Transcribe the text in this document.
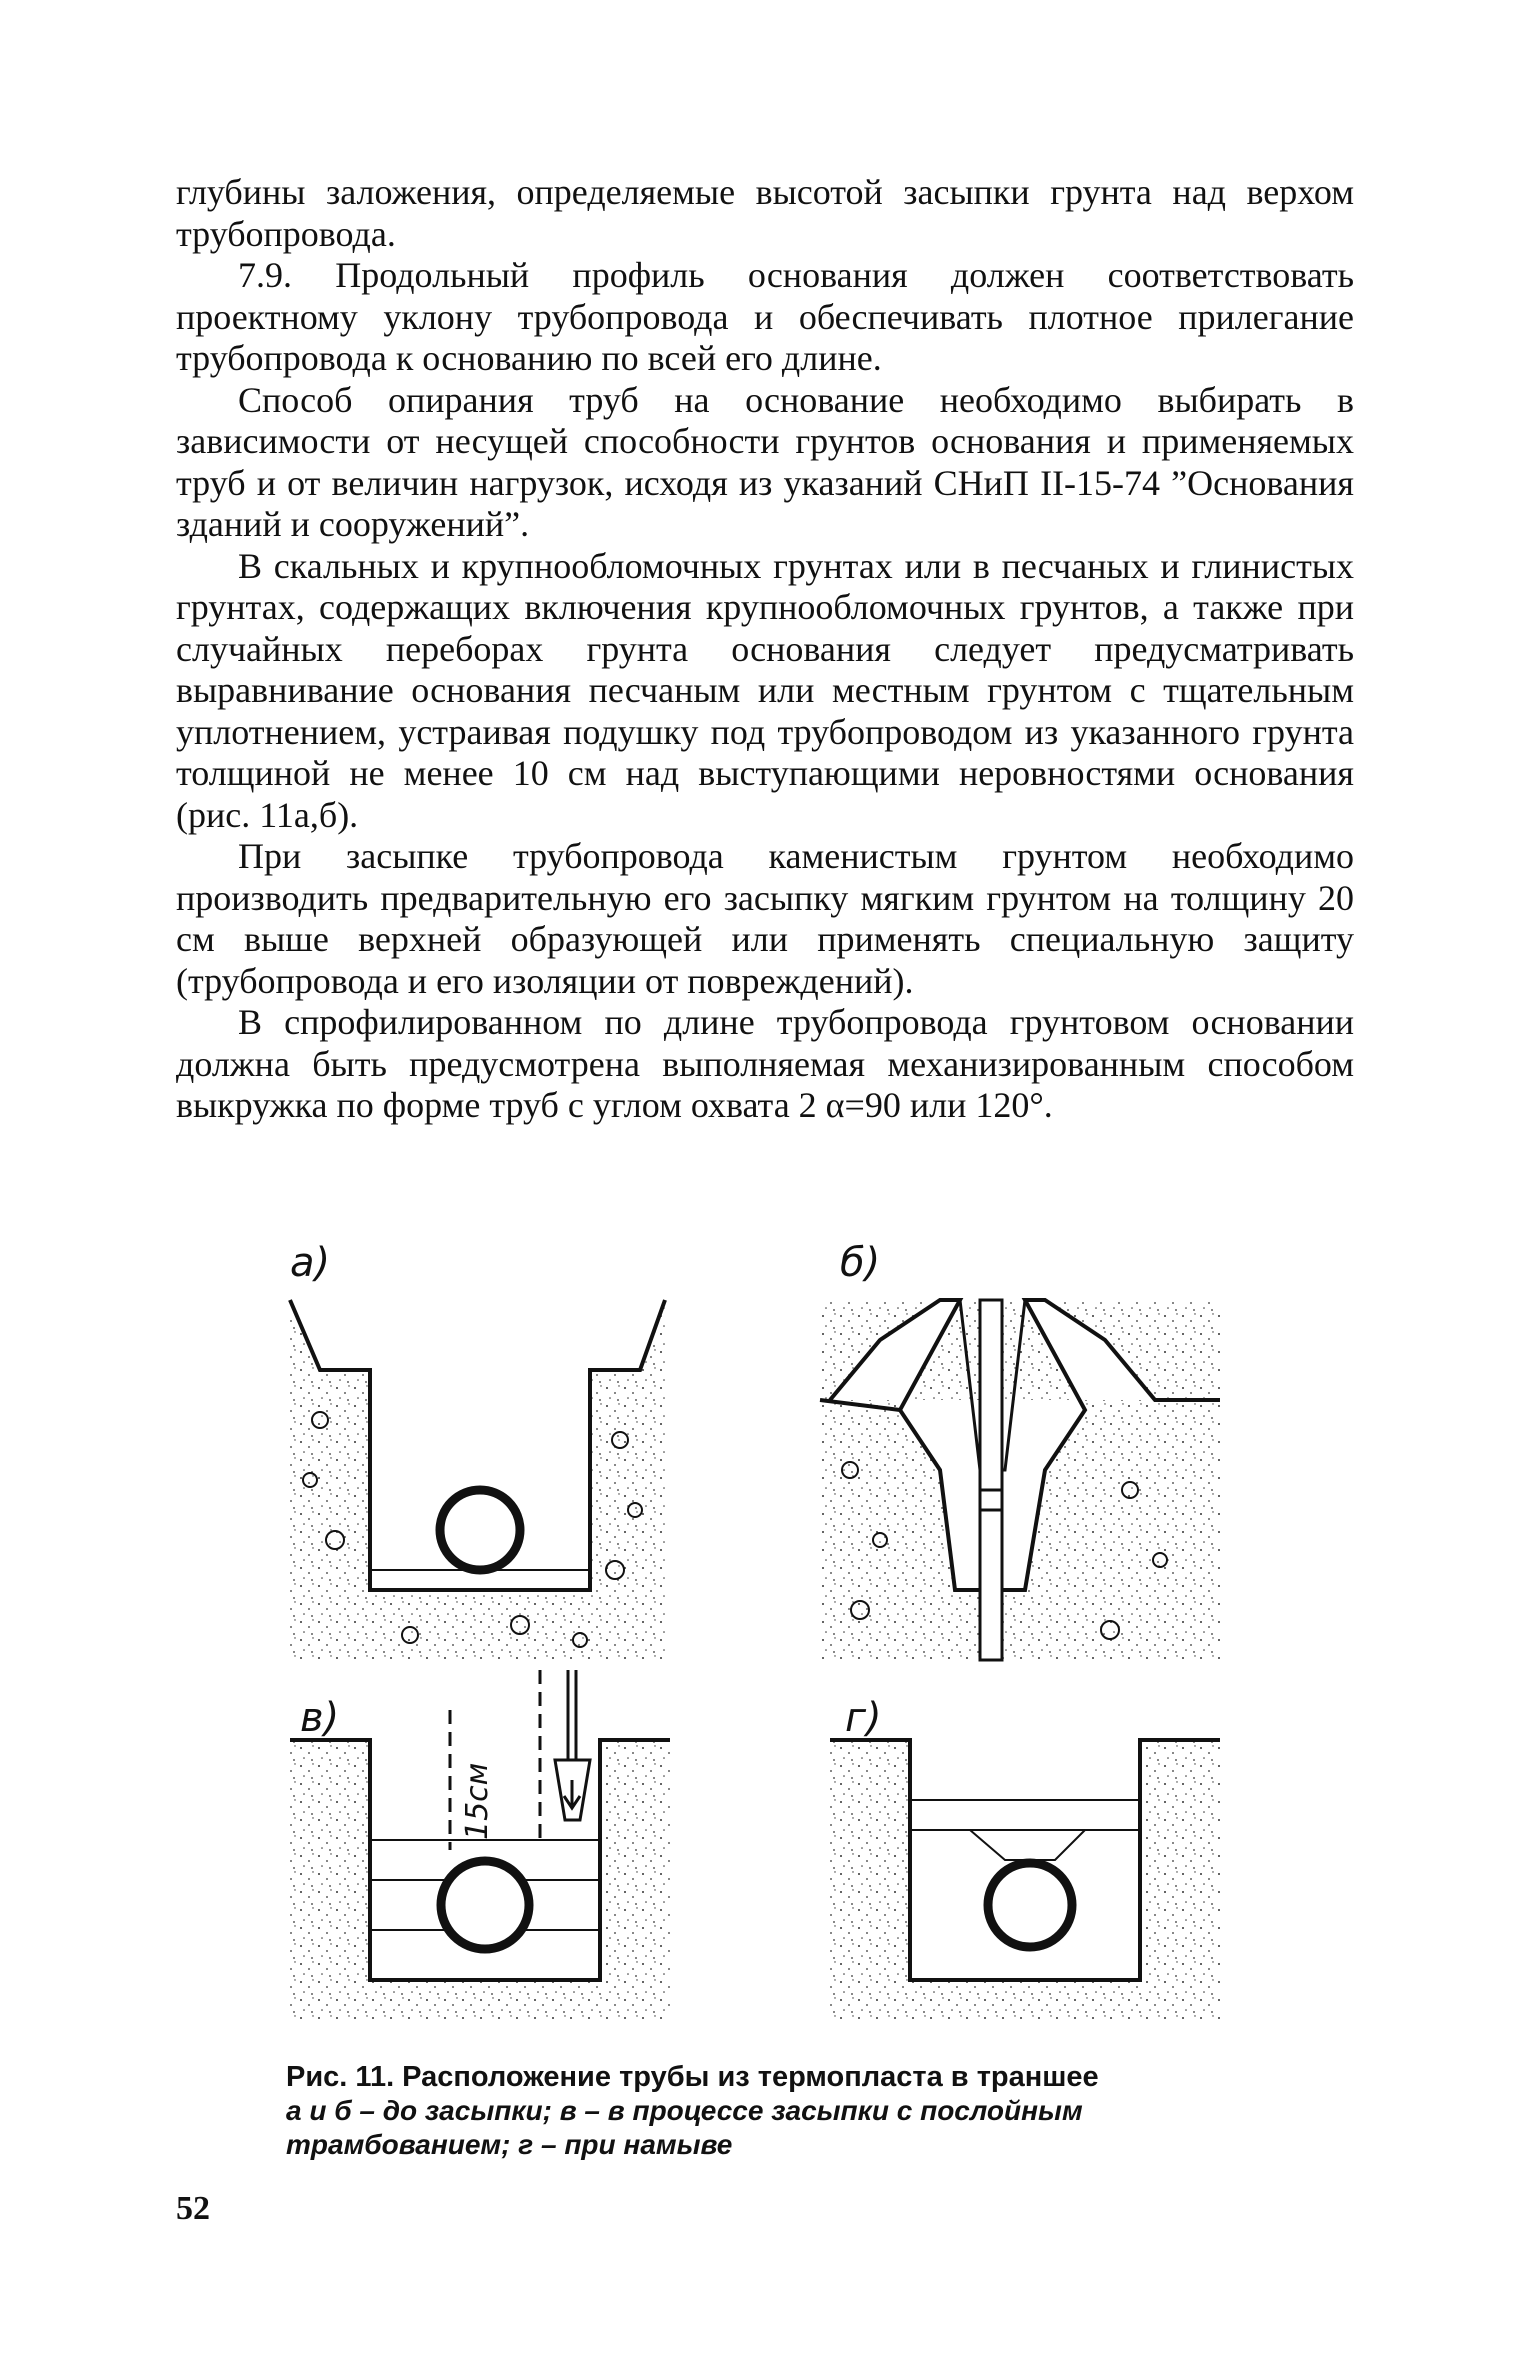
глубины заложения, определяемые высотой засыпки грунта над верхом трубопровода.

7.9. Продольный профиль основания должен соответствовать проектному уклону трубопровода и обеспечивать плотное прилегание трубопровода к основанию по всей его длине.

Способ опирания труб на основание необходимо выбирать в зависимости от несущей способности грунтов основания и применяемых труб и от величин нагрузок, исходя из указаний СНиП II-15-74 ”Основания зданий и сооружений”.

В скальных и крупнообломочных грунтах или в песчаных и глинистых грунтах, содержащих включения крупнообломочных грунтов, а также при случайных переборах грунта основания следует предусматривать выравнивание основания песчаным или местным грунтом с тщательным уплотнением, устраивая подушку под трубопроводом из указанного грунта толщиной не менее 10 см над выступающими неровностями основания (рис. 11а,б).

При засыпке трубопровода каменистым грунтом необходимо производить предварительную его засыпку мягким грунтом на толщину 20 см выше верхней образующей или применять специальную защиту (трубопровода и его изоляции от повреждений).

В спрофилированном по длине трубопровода грунтовом основании должна быть предусмотрена выполняемая механизированным способом выкружка по форме труб с углом охвата 2 α=90 или 120°.

а)	б)
в)	г)
15см
Рис. 11. Расположение трубы из термопласта в траншее
а и б – до засыпки; в – в процессе засыпки с послойным трамбованием; г – при намыве
52
